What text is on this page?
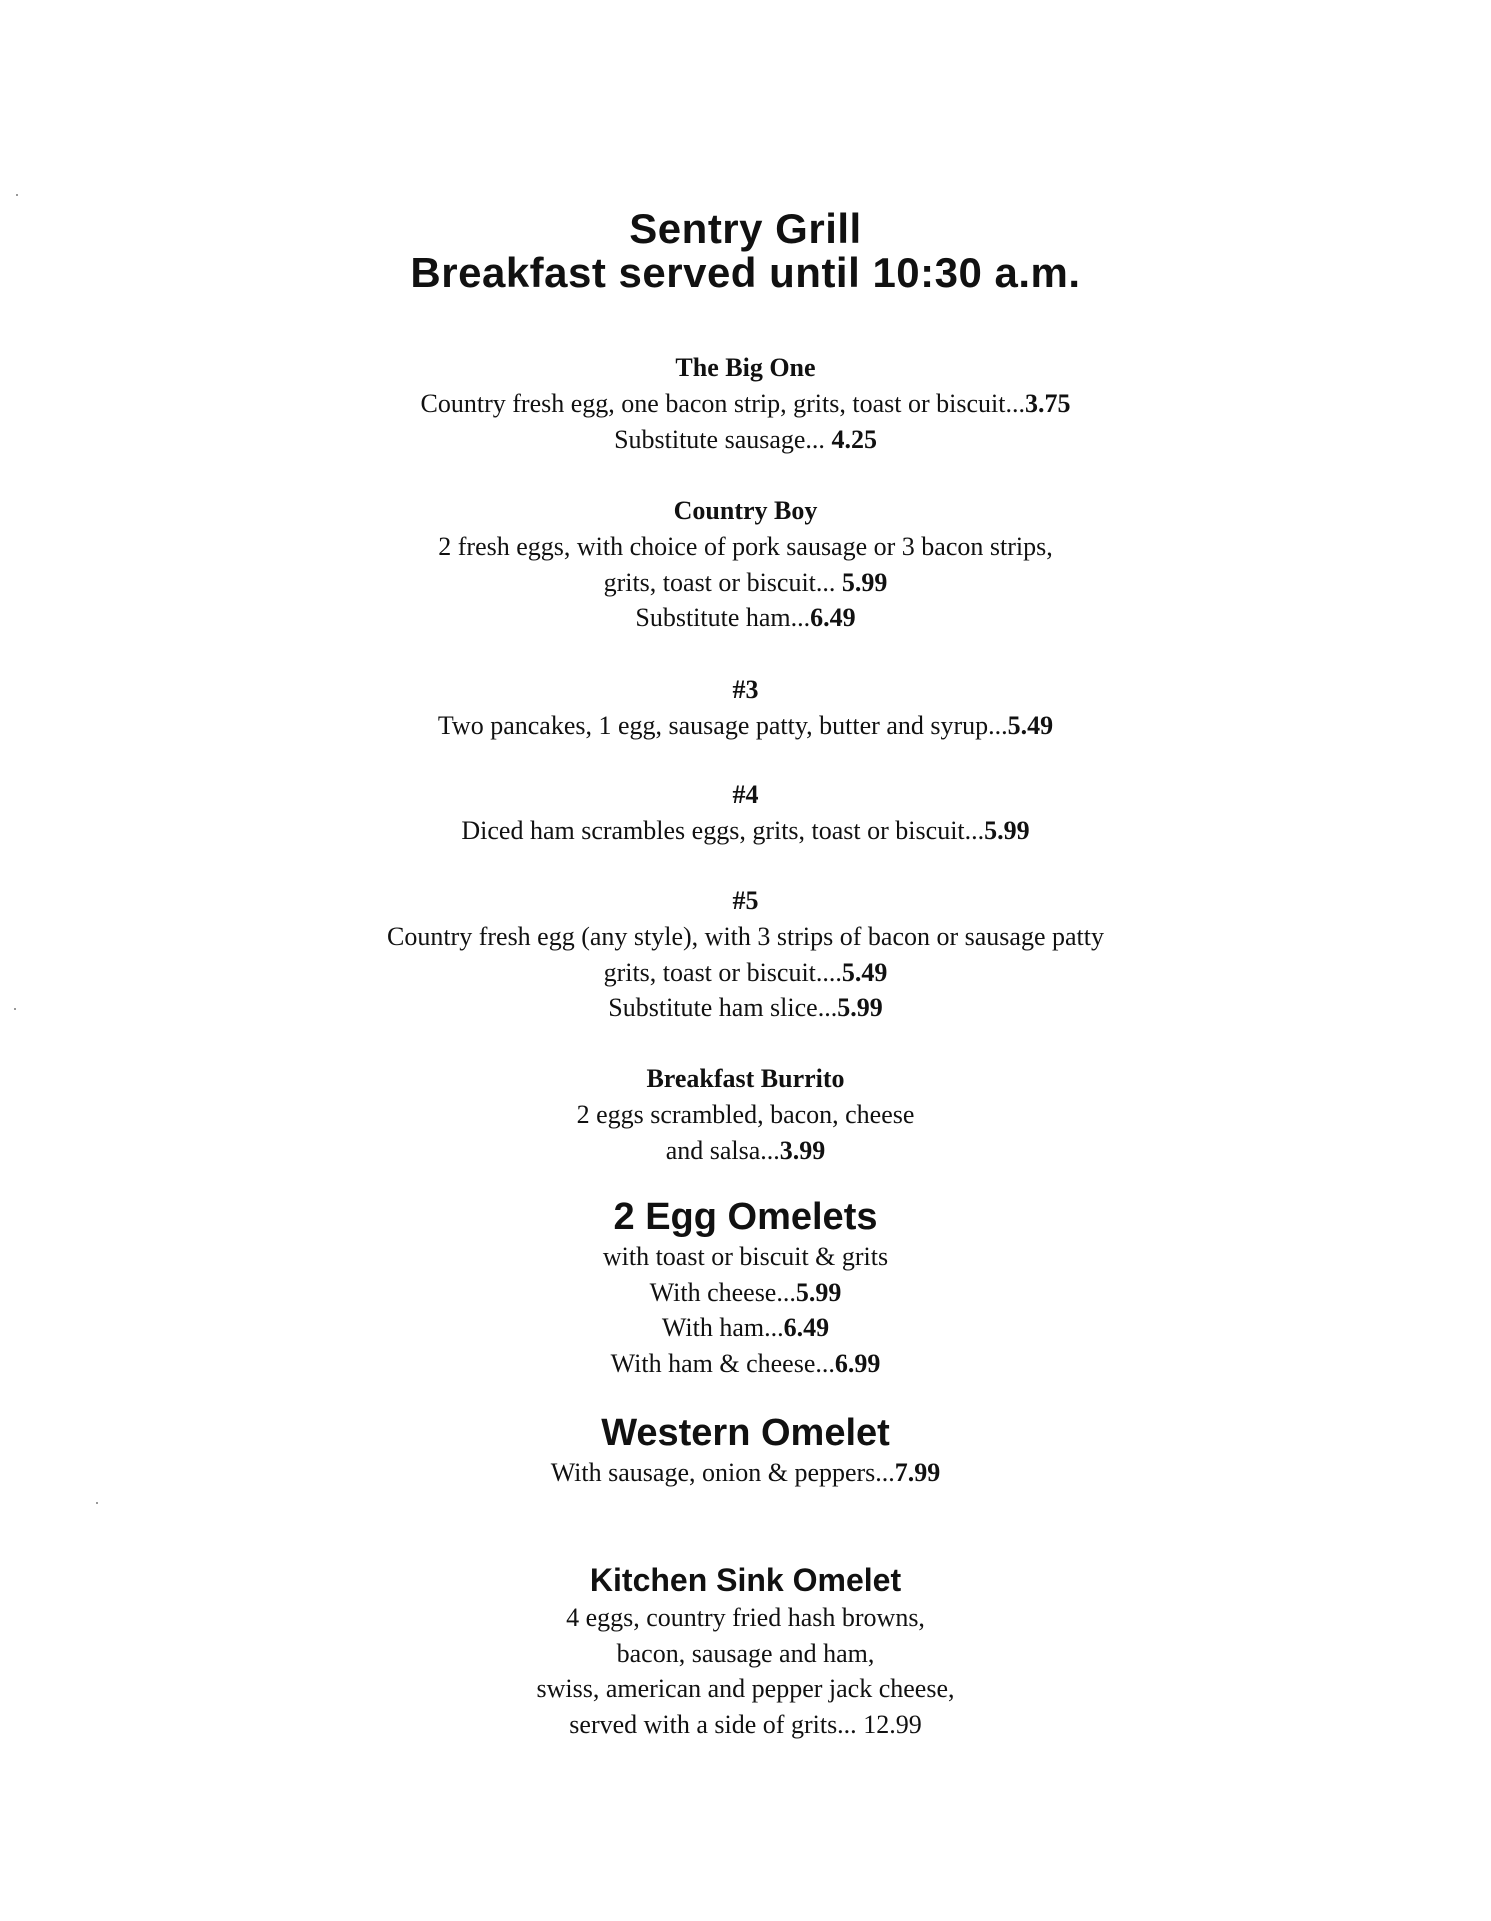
Sentry Grill
Breakfast served until 10:30 a.m.
The Big One
Country fresh egg, one bacon strip, grits, toast or biscuit...3.75
Substitute sausage... 4.25
Country Boy
2 fresh eggs, with choice of pork sausage or 3 bacon strips,
grits, toast or biscuit... 5.99
Substitute ham...6.49
#3
Two pancakes, 1 egg, sausage patty, butter and syrup...5.49
#4
Diced ham scrambles eggs, grits, toast or biscuit...5.99
#5
Country fresh egg (any style), with 3 strips of bacon or sausage patty
grits, toast or biscuit....5.49
Substitute ham slice...5.99
Breakfast Burrito
2 eggs scrambled, bacon, cheese
and salsa...3.99
2 Egg Omelets
with toast or biscuit & grits
With cheese...5.99
With ham...6.49
With ham & cheese...6.99
Western Omelet
With sausage, onion & peppers...7.99
Kitchen Sink Omelet
4 eggs, country fried hash browns,
bacon, sausage and ham,
swiss, american and pepper jack cheese,
served with a side of grits... 12.99
